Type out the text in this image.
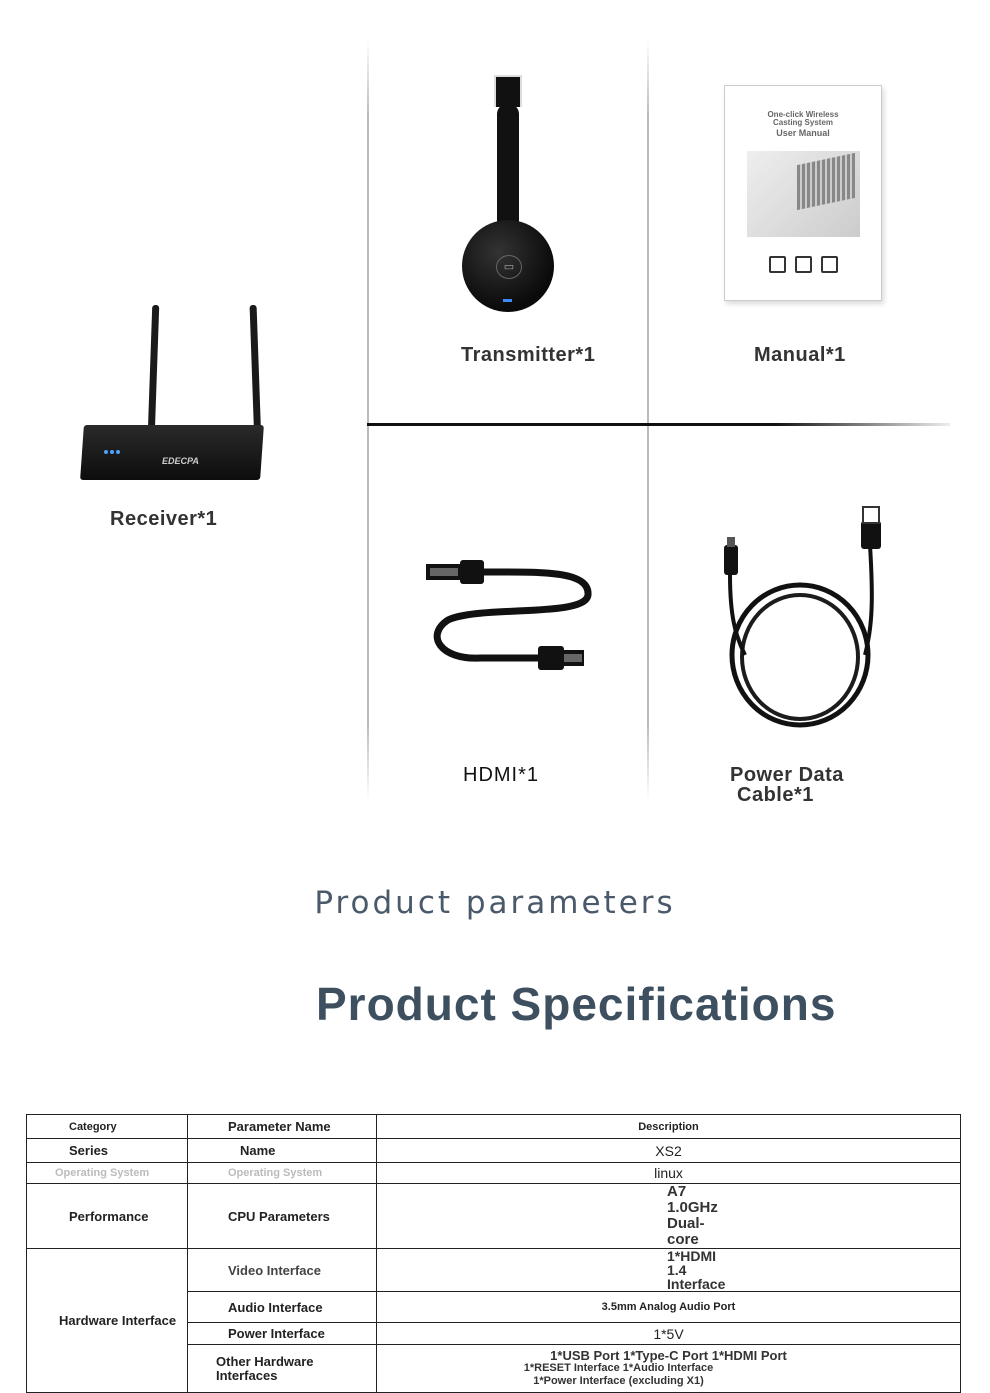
EDECPA
Receiver*1
▭
Transmitter*1
One-click Wireless
Casting System
User Manual
Manual*1
HDMI*1	Power Data
Cable*1
Product parameters
Product Specifications
Category	Parameter Name	Description
Series	Name	XS2
Operating System	Operating System	linux
Performance	CPU Parameters	A7 1.0GHz Dual-core
Hardware Interface	Video Interface	1*HDMI 1.4 Interface
	Audio Interface	3.5mm Analog Audio Port
	Power Interface	1*5V
	Other Hardware Interfaces	1*USB Port 1*Type-C Port 1*HDMI Port
1*RESET Interface 1*Audio Interface
1*Power Interface (excluding X1)
